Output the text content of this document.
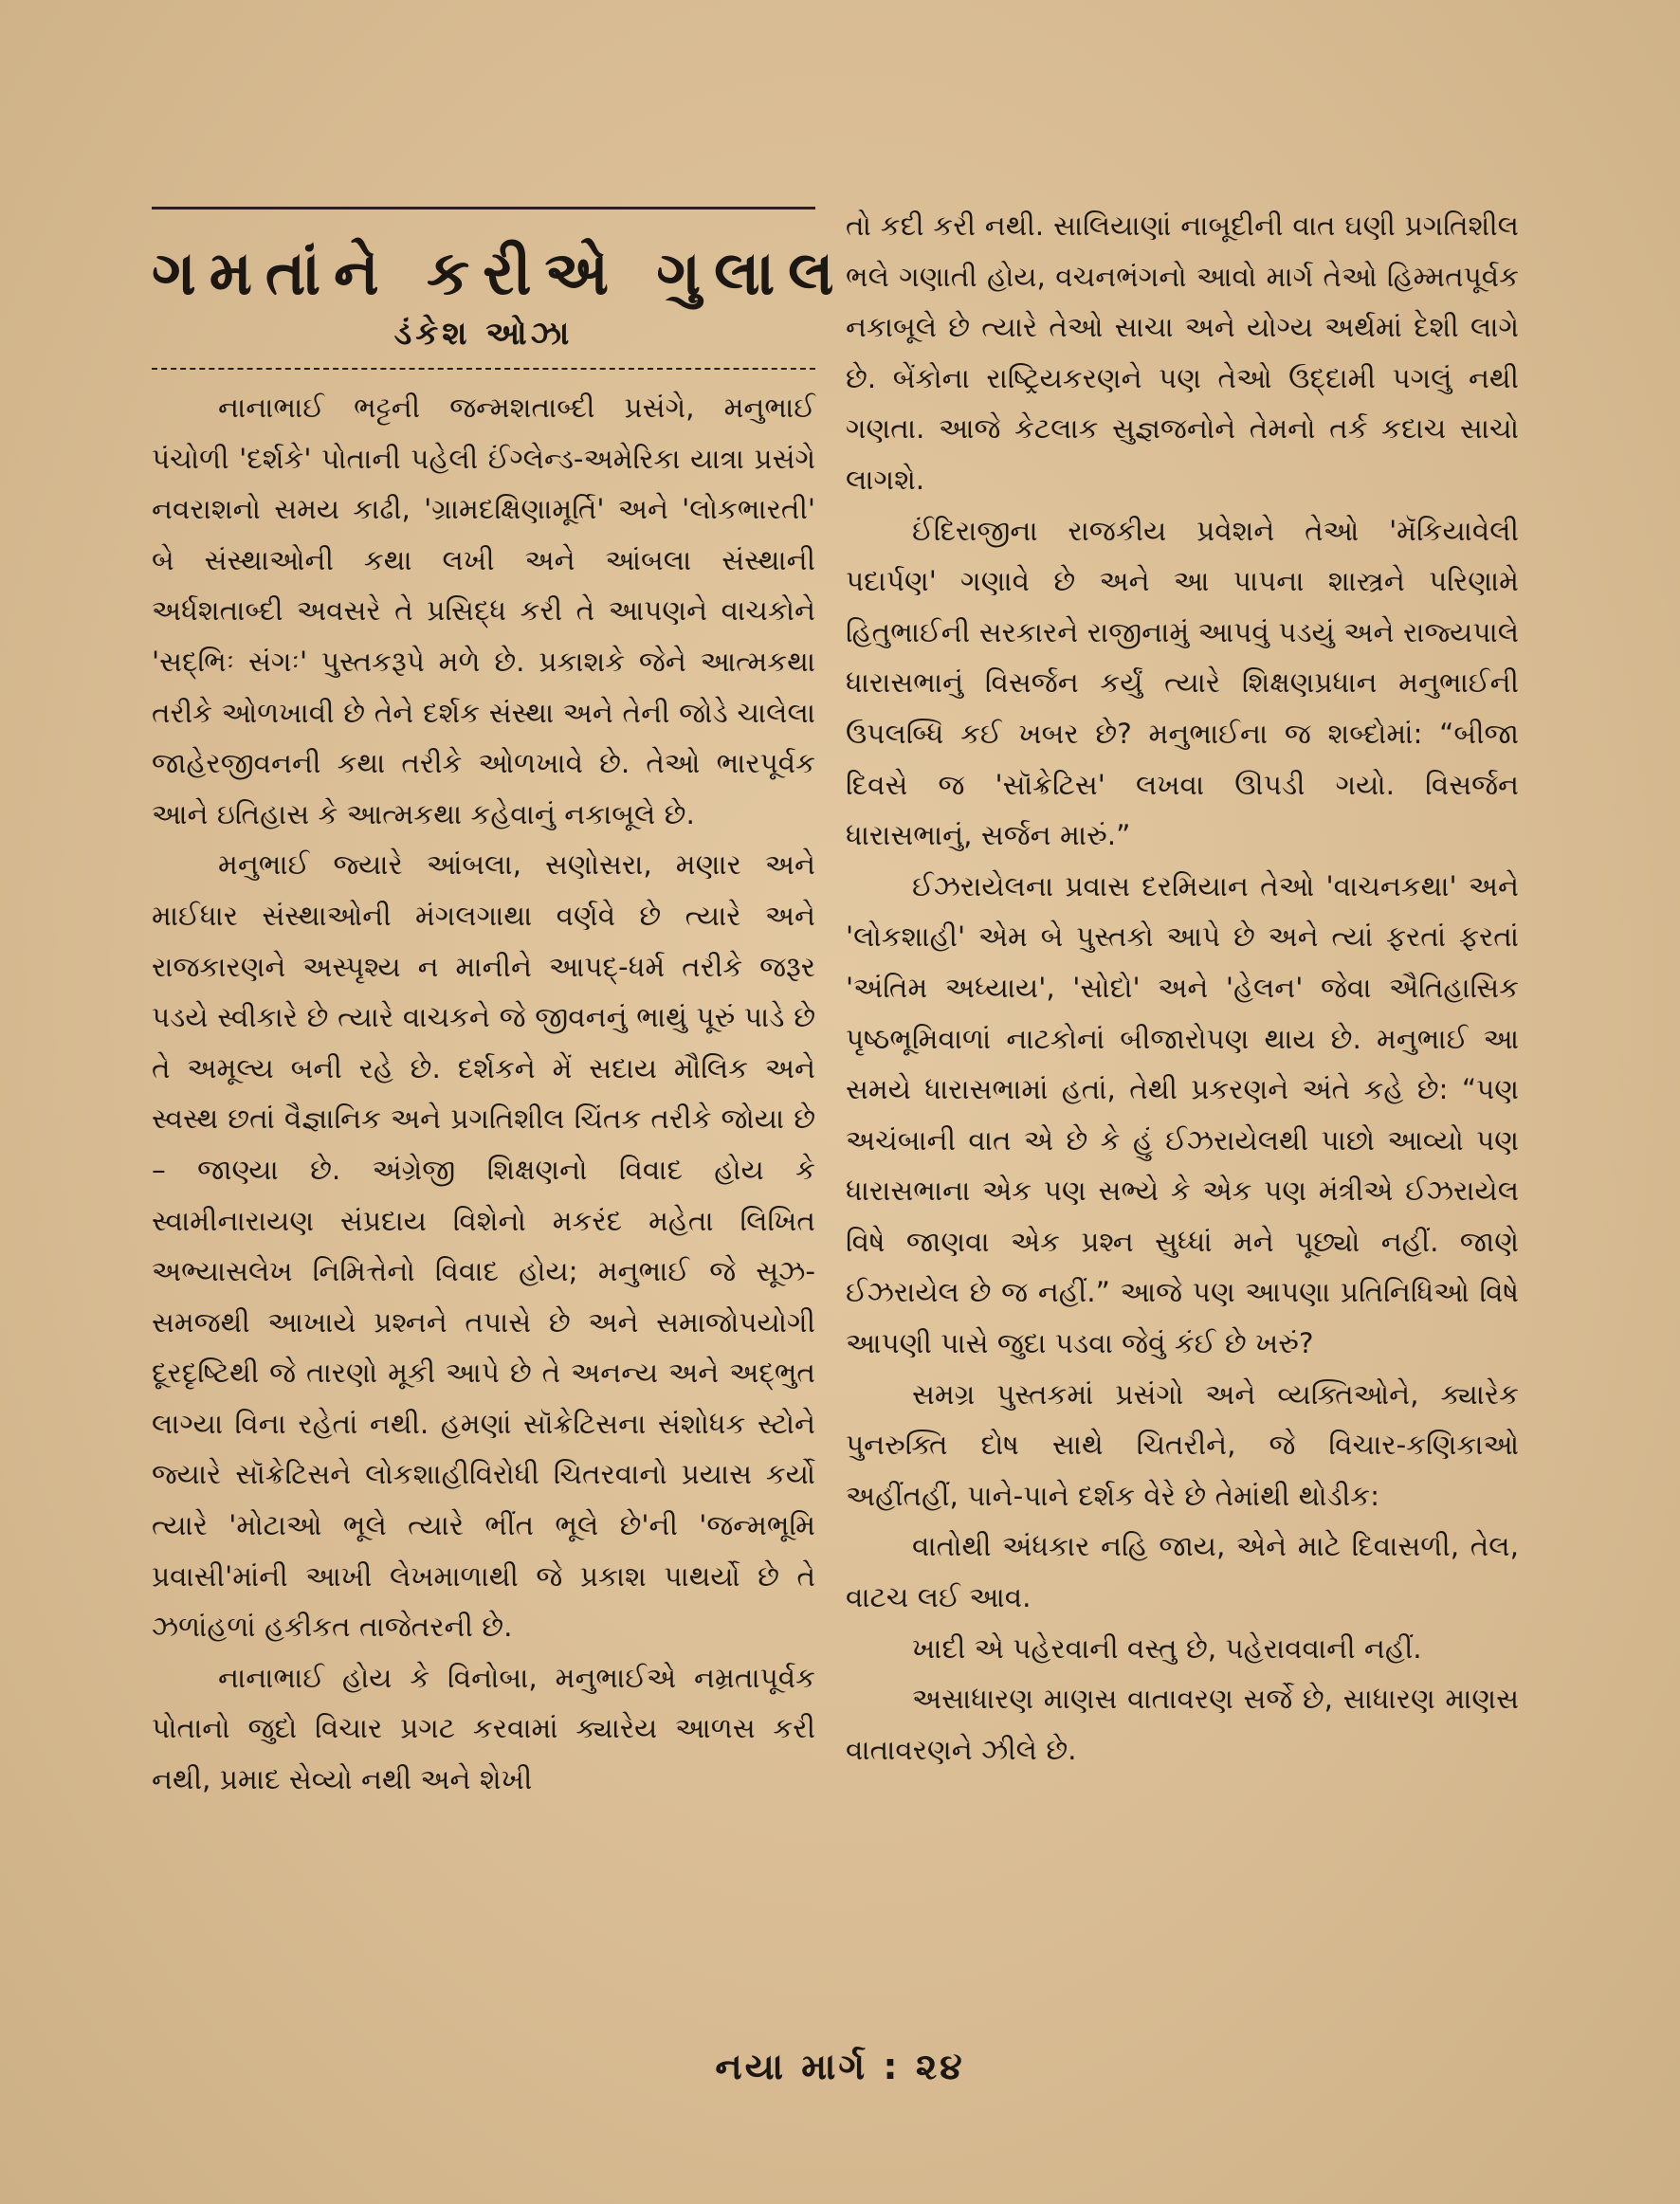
ગમતાંને કરીએ ગુલાલ
ડંકેશ ઓઝા

નાનાભાઈ ભટ્ટની જન્મશતાબ્દી પ્રસંગે, મનુભાઈ પંચોળી 'દર્શકે' પોતાની પહેલી ઈંગ્લેન્ડ-અમેરિકા યાત્રા પ્રસંગે નવરાશનો સમય કાઢી, 'ગ્રામદક્ષિણામૂર્તિ' અને 'લોકભારતી' બે સંસ્થાઓની કથા લખી અને આંબલા સંસ્થાની અર્ધશતાબ્દી અવસરે તે પ્રસિદ્ધ કરી તે આપણને વાચકોને 'સદ્‌ભિઃ સંગઃ' પુસ્તકરૂપે મળે છે. પ્રકાશકે જેને આત્મકથા તરીકે ઓળખાવી છે તેને દર્શક સંસ્થા અને તેની જોડે ચાલેલા જાહેરજીવનની કથા તરીકે ઓળખાવે છે. તેઓ ભારપૂર્વક આને ઇતિહાસ કે આત્મકથા કહેવાનું નકાબૂલે છે.

મનુભાઈ જ્યારે આંબલા, સણોસરા, મણાર અને માઈધાર સંસ્થાઓની મંગલગાથા વર્ણવે છે ત્યારે અને રાજકારણને અસ્પૃશ્ય ન માનીને આપદ્-ધર્મ તરીકે જરૂર પડયે સ્વીકારે છે ત્યારે વાચકને જે જીવનનું ભાથું પૂરું પાડે છે તે અમૂલ્ય બની રહે છે. દર્શકને મેં સદાય મૌલિક અને સ્વસ્થ છતાં વૈજ્ઞાનિક અને પ્રગતિશીલ ચિંતક તરીકે જોયા છે – જાણ્યા છે. અંગ્રેજી શિક્ષણનો વિવાદ હોય કે સ્વામીનારાયણ સંપ્રદાય વિશેનો મકરંદ મહેતા લિખિત અભ્યાસલેખ નિમિત્તેનો વિવાદ હોય; મનુભાઈ જે સૂઝ-સમજથી આખાયે પ્રશ્નને તપાસે છે અને સમાજોપયોગી દૂરદૃષ્ટિથી જે તારણો મૂકી આપે છે તે અનન્ય અને અદ્‌ભુત લાગ્યા વિના રહેતાં નથી. હમણાં સૉક્રેટિસના સંશોધક સ્ટોને જ્યારે સૉક્રેટિસને લોકશાહીવિરોધી ચિતરવાનો પ્રયાસ કર્યો ત્યારે 'મોટાઓ ભૂલે ત્યારે ભીંત ભૂલે છે'ની 'જન્મભૂમિ પ્રવાસી'માંની આખી લેખમાળાથી જે પ્રકાશ પાથર્યો છે તે ઝળાંહળાં હકીકત તાજેતરની છે.

નાનાભાઈ હોય કે વિનોબા, મનુભાઈએ નમ્રતાપૂર્વક પોતાનો જુદો વિચાર પ્રગટ કરવામાં ક્યારેય આળસ કરી નથી, પ્રમાદ સેવ્યો નથી અને શેખી

તો કદી કરી નથી. સાલિયાણાં નાબૂદીની વાત ઘણી પ્રગતિશીલ ભલે ગણાતી હોય, વચનભંગનો આવો માર્ગ તેઓ હિમ્મતપૂર્વક નકાબૂલે છે ત્યારે તેઓ સાચા અને યોગ્ય અર્થમાં દેશી લાગે છે. બેંકોના રાષ્ટ્રિયકરણને પણ તેઓ ઉદ્દામી પગલું નથી ગણતા. આજે કેટલાક સુજ્ઞજનોને તેમનો તર્ક કદાચ સાચો લાગશે.

ઈંદિરાજીના રાજકીય પ્રવેશને તેઓ 'મૅકિયાવેલી પદાર્પણ' ગણાવે છે અને આ પાપના શાસ્ત્રને પરિણામે હિતુભાઈની સરકારને રાજીનામું આપવું પડયું અને રાજ્યપાલે ધારાસભાનું વિસર્જન કર્યું ત્યારે શિક્ષણપ્રધાન મનુભાઈની ઉપલબ્ધિ કઈ ખબર છે? મનુભાઈના જ શબ્દોમાં: “બીજા દિવસે જ 'સૉક્રેટિસ' લખવા ઊપડી ગયો. વિસર્જન ધારાસભાનું, સર્જન મારું.”

ઈઝરાયેલના પ્રવાસ દરમિયાન તેઓ 'વાચનકથા' અને 'લોકશાહી' એમ બે પુસ્તકો આપે છે અને ત્યાં ફરતાં ફરતાં 'અંતિમ અધ્યાય', 'સોદો' અને 'હેલન' જેવા ઐતિહાસિક પૃષ્ઠભૂમિવાળાં નાટકોનાં બીજારોપણ થાય છે. મનુભાઈ આ સમયે ધારાસભામાં હતાં, તેથી પ્રકરણને અંતે કહે છે: “પણ અચંબાની વાત એ છે કે હું ઈઝરાયેલથી પાછો આવ્યો પણ ધારાસભાના એક પણ સભ્યે કે એક પણ મંત્રીએ ઈઝરાયેલ વિષે જાણવા એક પ્રશ્ન સુધ્ધાં મને પૂછ્યો નહીં. જાણે ઈઝરાયેલ છે જ નહીં.” આજે પણ આપણા પ્રતિનિધિઓ વિષે આપણી પાસે જુદા પડવા જેવું કંઈ છે ખરું?

સમગ્ર પુસ્તકમાં પ્રસંગો અને વ્યક્તિઓને, ક્યારેક પુનરુક્તિ દોષ સાથે ચિતરીને, જે વિચાર-કણિકાઓ અહીંતહીં, પાને-પાને દર્શક વેરે છે તેમાંથી થોડીક:

વાતોથી અંધકાર નહિ જાય, એને માટે દિવાસળી, તેલ, વાટચ લઈ આવ.

ખાદી એ પહેરવાની વસ્તુ છે, પહેરાવવાની નહીં.

અસાધારણ માણસ વાતાવરણ સર્જે છે, સાધારણ માણસ વાતાવરણને ઝીલે છે.

નયા માર્ગ : ૨૪
